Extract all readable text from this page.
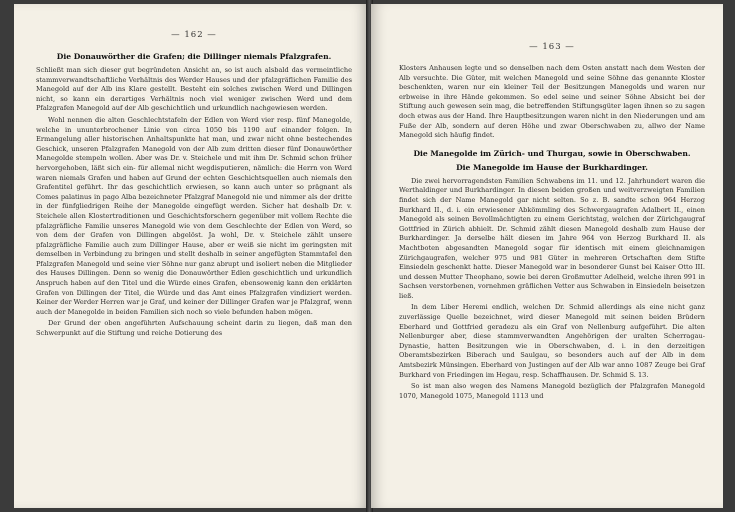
— 162 —
Die Donauwörther die Grafen; die Dillinger niemals Pfalzgrafen.

Schließt man sich dieser gut begründeten Ansicht an, so ist auch alsbald das vermeintliche stammverwandtschaftliche Verhältnis des Werder Hauses und der pfalzgräflichen Familie des Manegold auf der Alb ins Klare gestellt. Besteht ein solches zwischen Werd und Dillingen nicht, so kann ein derartiges Verhältnis noch viel weniger zwischen Werd und dem Pfalzgrafen Manegold auf der Alb geschichtlich und urkundlich nachgewiesen werden.

Wohl nennen die alten Geschlechtstafeln der Edlen von Werd vier resp. fünf Manegolde, welche in ununterbrochener Linie von circa 1050 bis 1190 auf einander folgen. In Ermangelung aller historischen Anhaltspunkte hat man, und zwar nicht ohne bestechendes Geschick, unseren Pfalzgrafen Manegold von der Alb zum dritten dieser fünf Donauwörther Manegolde stempeln wollen. Aber was Dr. v. Steichele und mit ihm Dr. Schmid schon früher hervorgehoben, läßt sich ein- für allemal nicht wegdisputieren, nämlich: die Herrn von Werd waren niemals Grafen und haben auf Grund der echten Geschichtsquellen auch niemals den Grafentitel geführt. Ihr das geschichtlich erwiesen, so kann auch unter so prägnant als Comes palatinus in pago Alba bezeichneter Pfalzgraf Manegold nie und nimmer als der dritte in der fünfgliedrigen Reihe der Manegolde eingefügt werden. Sicher hat deshalb Dr. v. Steichele allen Klostertraditionen und Geschichtsforschern gegenüber mit vollem Rechte die pfalzgräfliche Familie unseres Manegold wie von dem Geschlechte der Edlen von Werd, so von dem der Grafen von Dillingen abgelöst. Ja wohl, Dr. v. Steichele zählt unsere pfalzgräfliche Familie auch zum Dillinger Hause, aber er weiß sie nicht im geringsten mit demselben in Verbindung zu bringen und stellt deshalb in seiner angefügten Stammtafel den Pfalzgrafen Manegold und seine vier Söhne nur ganz abrupt und isoliert neben die Mitglieder des Hauses Dillingen. Denn so wenig die Donauwörther Edlen geschichtlich und urkundlich Anspruch haben auf den Titel und die Würde eines Grafen, ebensowenig kann den erklärten Grafen von Dillingen der Titel, die Würde und das Amt eines Pfalzgrafen vindiziert werden. Keiner der Werder Herren war je Graf, und keiner der Dillinger Grafen war je Pfalzgraf, wenn auch der Manegolde in beiden Familien sich noch so viele befunden haben mögen.

Der Grund der oben angeführten Aufschauung scheint darin zu liegen, daß man den Schwerpunkt auf die Stiftung und reiche Dotierung des

— 163 —

Klosters Anhausen legte und so denselben nach dem Osten anstatt nach dem Westen der Alb versuchte. Die Güter, mit welchen Manegold und seine Söhne das genannte Kloster beschenkten, waren nur ein kleiner Teil der Besitzungen Manegolds und waren nur erbweise in ihre Hände gekommen. So edel seine und seiner Söhne Absicht bei der Stiftung auch gewesen sein mag, die betreffenden Stiftungsgüter lagen ihnen so zu sagen doch etwas aus der Hand. Ihre Hauptbesitzungen waren nicht in den Niederungen und am Fuße der Alb, sondern auf deren Höhe und zwar Oberschwaben zu, allwo der Name Manegold sich häufig findet.

Die Manegolde im Zürich- und Thurgau, sowie in Oberschwaben.
Die Manegolde im Hause der Burkhardinger.

Die zwei hervorragendsten Familien Schwabens im 11. und 12. Jahrhundert waren die Werthaldinger und Burkhardinger. In diesen beiden großen und weitverzweigten Familien findet sich der Name Manegold gar nicht selten. So z. B. sandte schon 964 Herzog Burkhard II., d. i. ein erwiesener Abkömmling des Schwergaugrafen Adalbert II., einen Manegold als seinen Bevollmächtigten zu einem Gerichtstag, welchen der Zürichgaugraf Gottfried in Zürich abhielt. Dr. Schmid zählt diesen Manegold deshalb zum Hause der Burkhardinger. Ja derselbe hält diesen im Jahre 964 von Herzog Burkhard II. als Machtboten abgesandten Manegold sogar für identisch mit einem gleichnamigen Zürichgaugrafen, welcher 975 und 981 Güter in mehreren Ortschaften dem Stifte Einsiedeln geschenkt hatte. Dieser Manegold war in besonderer Gunst bei Kaiser Otto III. und dessen Mutter Theophano, sowie bei deren Großmutter Adelheid, welche ihren 991 in Sachsen verstorbenen, vornehmen gräflichen Vetter aus Schwaben in Einsiedeln beisetzen ließ.

In dem Liber Heremi endlich, welchen Dr. Schmid allerdings als eine nicht ganz zuverlässige Quelle bezeichnet, wird dieser Manegold mit seinen beiden Brüdern Eberhard und Gottfried geradezu als ein Graf von Nellenburg aufgeführt. Die alten Nellenburger aber, diese stammverwandten Angehörigen der uralten Scherragau-Dynastie, hatten Besitzungen wie in Oberschwaben, d. i. in den derzeitigen Oberamtsbezirken Biberach und Saulgau, so besonders auch auf der Alb in dem Amtsbezirk Münsingen. Eberhard von Justingen auf der Alb war anno 1087 Zeuge bei Graf Burkhard von Friedingen im Hegau, resp. Schaffhausen. Dr. Schmid S. 13.

So ist man also wegen des Namens Manegold bezüglich der Pfalzgrafen Manegold 1070, Manegold 1075, Manegold 1113 und
